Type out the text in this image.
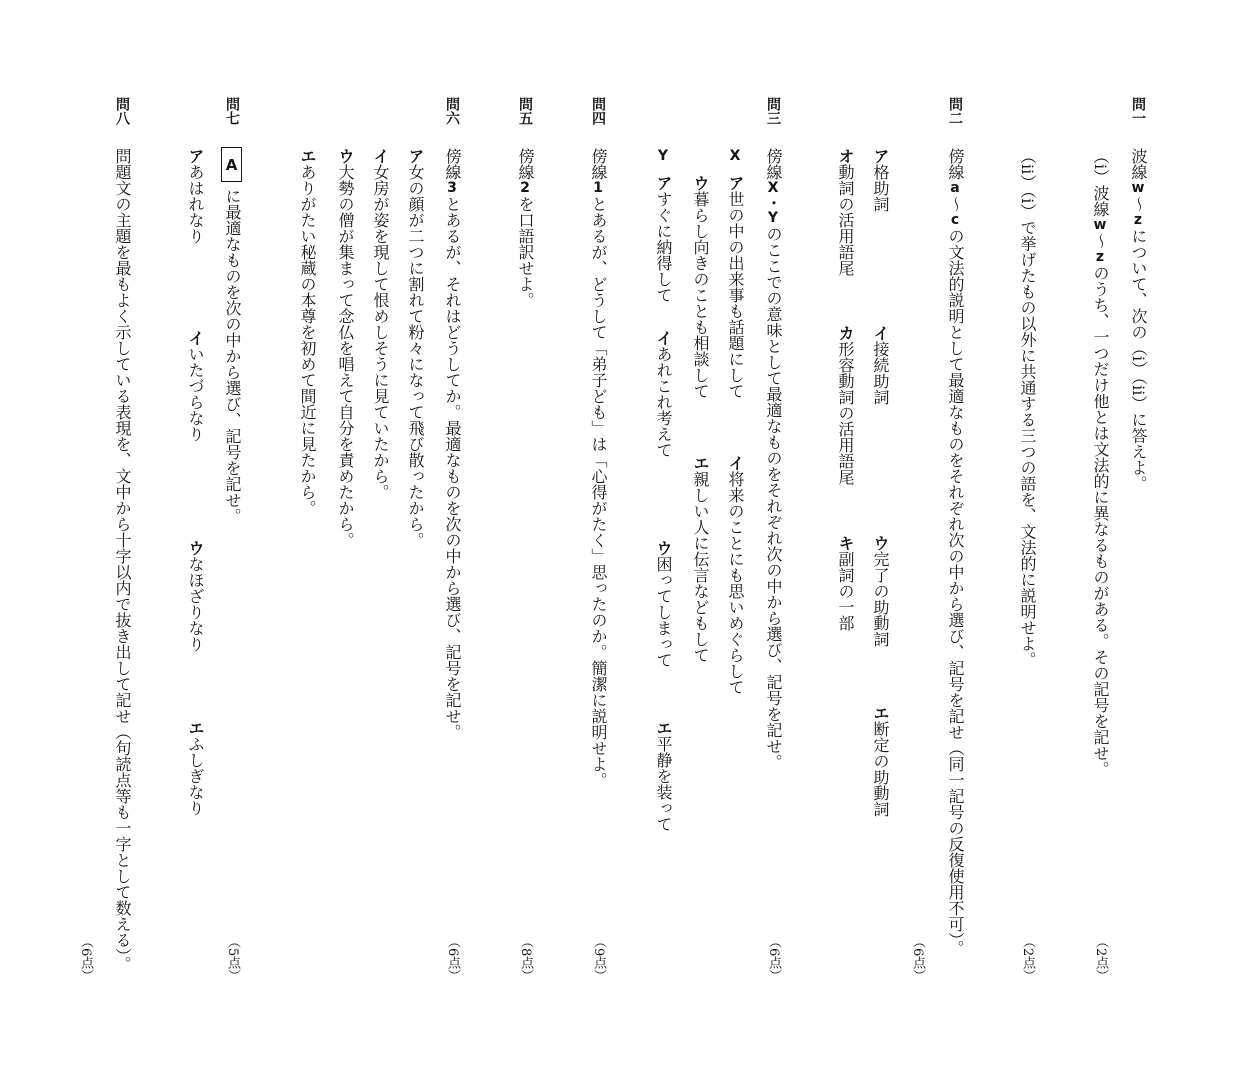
問一
波線w～zについて、次の（i）（ii）に答えよ。
（i）波線w～zのうち、一つだけ他とは文法的に異なるものがある。その記号を記せ。
（2点）
（ii）（i）で挙げたもの以外に共通する三つの語を、文法的に説明せよ。
（2点）
問二
傍線a～cの文法的説明として最適なものをそれぞれ次の中から選び、記号を記せ（同一記号の反復使用不可）。
（6点）
ア格助詞
イ接続助詞
ウ完了の助動詞
エ断定の助動詞
オ動詞の活用語尾
カ形容動詞の活用語尾
キ副詞の一部
問三
傍線X・Yのここでの意味として最適なものをそれぞれ次の中から選び、記号を記せ。
（6点）
X
ア世の中の出来事も話題にして
イ将来のことにも思いめぐらして
ウ暮らし向きのことも相談して
エ親しい人に伝言などもして
Y
アすぐに納得して
イあれこれ考えて
ウ困ってしまって
エ平静を装って
問四
傍線1とあるが、どうして「弟子ども」は「心得がたく」思ったのか。簡潔に説明せよ。
（9点）
問五
傍線2を口語訳せよ。
（8点）
問六
傍線3とあるが、それはどうしてか。最適なものを次の中から選び、記号を記せ。
（6点）
ア女の顔が二つに割れて粉々になって飛び散ったから。
イ女房が姿を現して恨めしそうに見ていたから。
ウ大勢の僧が集まって念仏を唱えて自分を責めたから。
エありがたい秘蔵の本尊を初めて間近に見たから。
問七
A
に最適なものを次の中から選び、記号を記せ。
（5点）
アあはれなり
イいたづらなり
ウなほざりなり
エふしぎなり
問八
問題文の主題を最もよく示している表現を、文中から十字以内で抜き出して記せ（句読点等も一字として数える）。
（6点）
